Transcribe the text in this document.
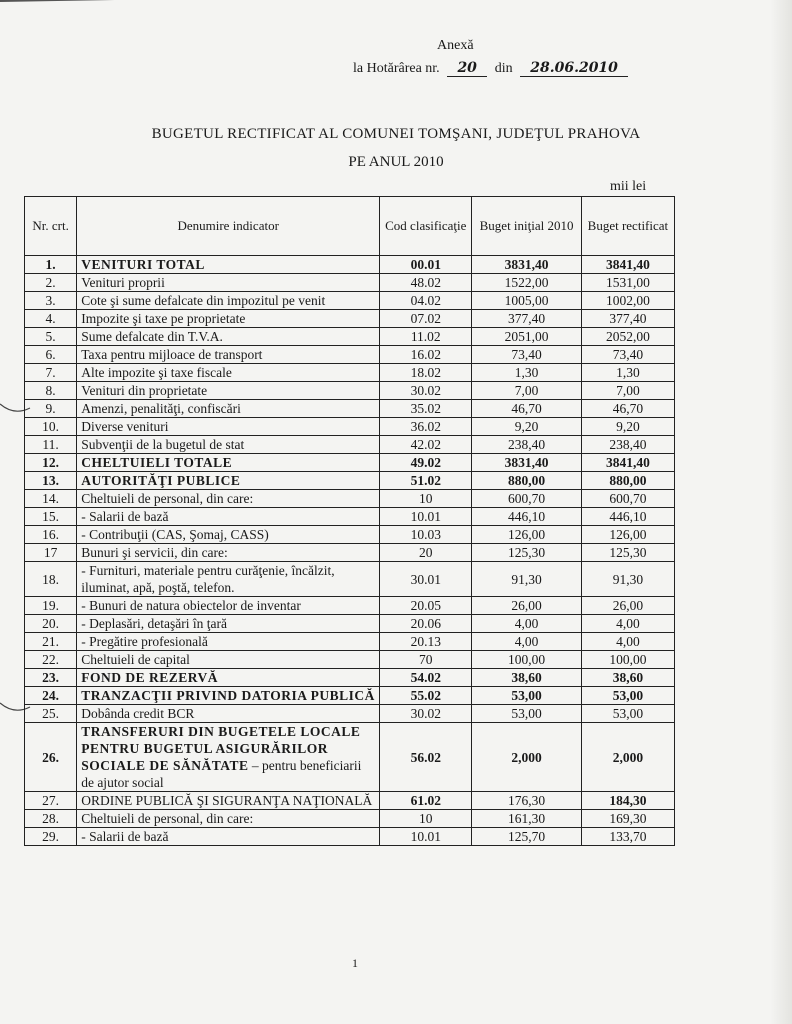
Anexă
la Hotărârea nr. 20 din 28.06.2010
BUGETUL RECTIFICAT AL COMUNEI TOMŞANI, JUDEŢUL PRAHOVA
PE ANUL 2010
mii lei
Nr. crt.	Denumire indicator	Cod clasificaţie	Buget iniţial 2010	Buget rectificat
1.	VENITURI TOTAL	00.01	3831,40	3841,40
2.	Venituri proprii	48.02	1522,00	1531,00
3.	Cote şi sume defalcate din impozitul pe venit	04.02	1005,00	1002,00
4.	Impozite şi taxe pe proprietate	07.02	377,40	377,40
5.	Sume defalcate din T.V.A.	11.02	2051,00	2052,00
6.	Taxa pentru mijloace de transport	16.02	73,40	73,40
7.	Alte impozite şi taxe fiscale	18.02	1,30	1,30
8.	Venituri din proprietate	30.02	7,00	7,00
9.	Amenzi, penalităţi, confiscări	35.02	46,70	46,70
10.	Diverse venituri	36.02	9,20	9,20
11.	Subvenţii de la bugetul de stat	42.02	238,40	238,40
12.	CHELTUIELI TOTALE	49.02	3831,40	3841,40
13.	AUTORITĂŢI PUBLICE	51.02	880,00	880,00
14.	Cheltuieli de personal, din care:	10	600,70	600,70
15.	- Salarii de bază	10.01	446,10	446,10
16.	- Contribuţii (CAS, Şomaj, CASS)	10.03	126,00	126,00
17	Bunuri şi servicii, din care:	20	125,30	125,30
18.	- Furnituri, materiale pentru curăţenie, încălzit, iluminat, apă, poştă, telefon.	30.01	91,30	91,30
19.	- Bunuri de natura obiectelor de inventar	20.05	26,00	26,00
20.	- Deplasări, detaşări în ţară	20.06	4,00	4,00
21.	- Pregătire profesională	20.13	4,00	4,00
22.	Cheltuieli de capital	70	100,00	100,00
23.	FOND DE REZERVĂ	54.02	38,60	38,60
24.	TRANZACŢII PRIVIND DATORIA PUBLICĂ	55.02	53,00	53,00
25.	Dobânda credit BCR	30.02	53,00	53,00
26.	TRANSFERURI DIN BUGETELE LOCALE PENTRU BUGETUL ASIGURĂRILOR SOCIALE DE SĂNĂTATE – pentru beneficiarii de ajutor social	56.02	2,000	2,000
27.	ORDINE PUBLICĂ ŞI SIGURANŢA NAŢIONALĂ	61.02	176,30	184,30
28.	Cheltuieli de personal, din care:	10	161,30	169,30
29.	- Salarii de bază	10.01	125,70	133,70
1
